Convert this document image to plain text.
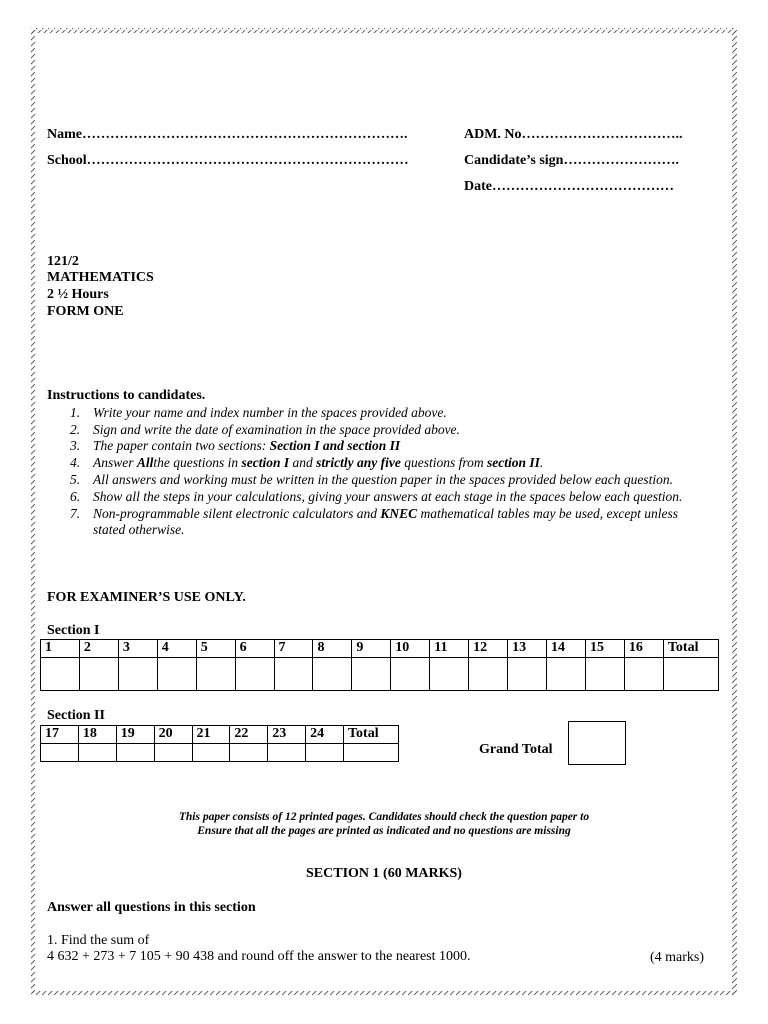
Name…………………………………………………………….	ADM. No……………………………..
School……………………………………………………………	Candidate’s sign…………………….
Date…………………………………
121/2
MATHEMATICS
2 ½ Hours
FORM ONE
Instructions to candidates.
1. Write your name and index number in the spaces provided above.
2. Sign and write the date of examination in the space provided above.
3. The paper contain two sections: Section I and section II
4. Answer Allthe questions in section I and strictly any five questions from section II.
5. All answers and working must be written in the question paper in the spaces provided below each question.
6. Show all the steps in your calculations, giving your answers at each stage in the spaces below each question.
7. Non-programmable silent electronic calculators and KNEC mathematical tables may be used, except unless stated otherwise.
FOR EXAMINER’S USE ONLY.
Section I
1	2	3	4	5	6	7	8	9	10	11	12	13	14	15	16	Total

Section II
17	18	19	20	21	22	23	24	Total

Grand Total
This paper consists of 12 printed pages. Candidates should check the question paper to
Ensure that all the pages are printed as indicated and no questions are missing
SECTION 1 (60 MARKS)
Answer all questions in this section
1. Find the sum of
4 632 + 273 + 7 105 + 90 438 and round off the answer to the nearest 1000.	(4 marks)
